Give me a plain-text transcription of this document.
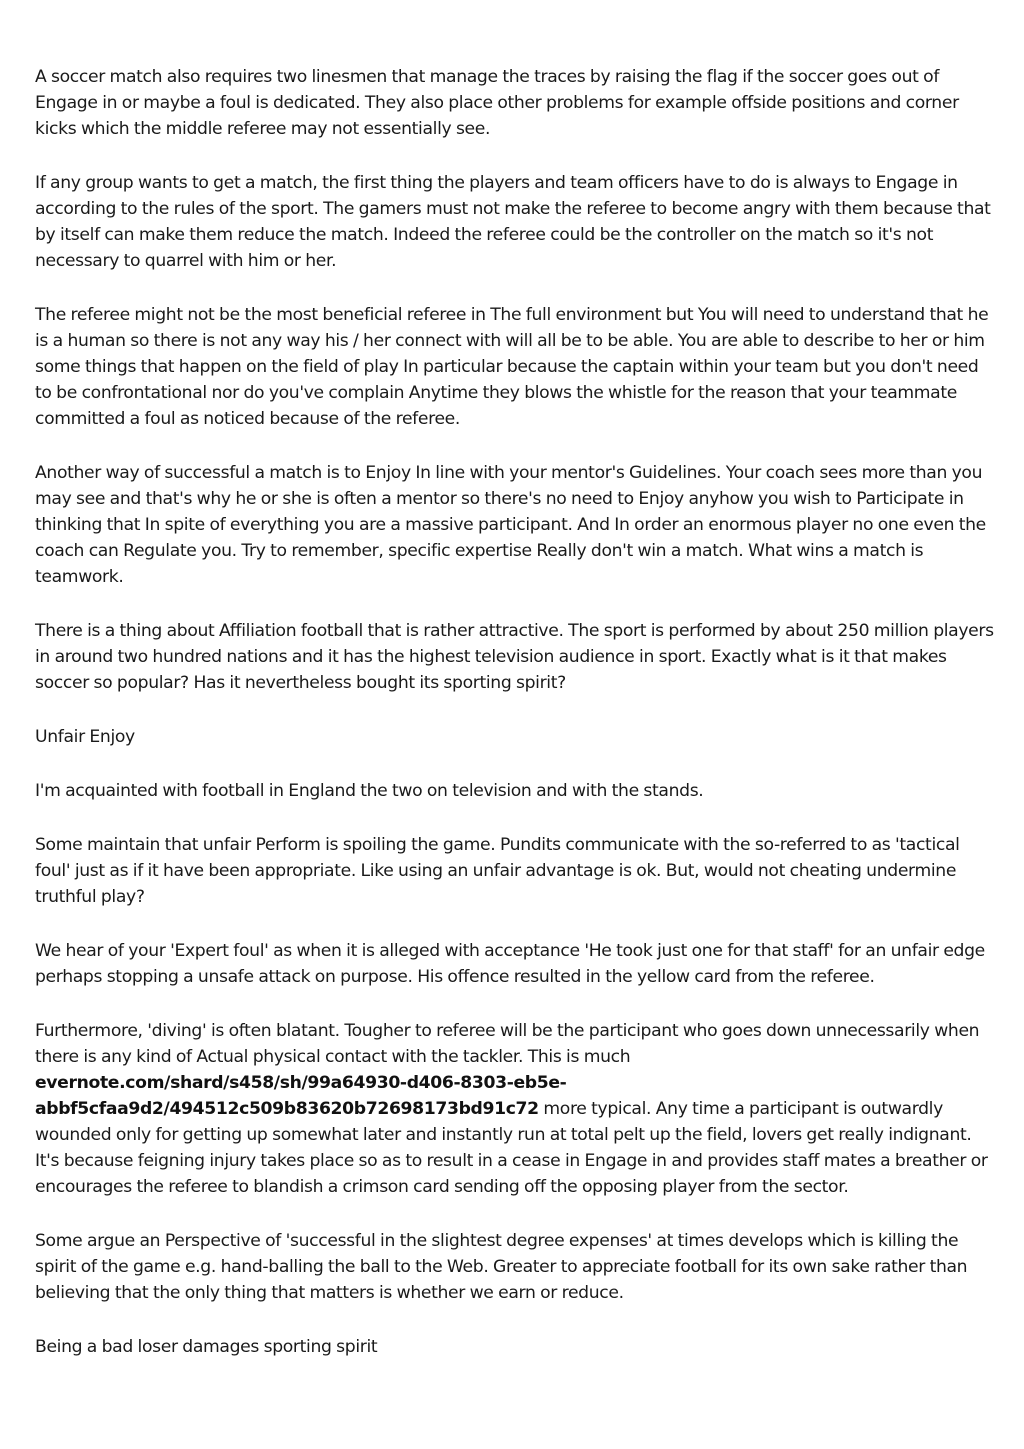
A soccer match also requires two linesmen that manage the traces by raising the flag if the soccer goes out of Engage in or maybe a foul is dedicated. They also place other problems for example offside positions and corner kicks which the middle referee may not essentially see.

If any group wants to get a match, the first thing the players and team officers have to do is always to Engage in according to the rules of the sport. The gamers must not make the referee to become angry with them because that by itself can make them reduce the match. Indeed the referee could be the controller on the match so it's not necessary to quarrel with him or her.

The referee might not be the most beneficial referee in The full environment but You will need to understand that he is a human so there is not any way his / her connect with will all be to be able. You are able to describe to her or him some things that happen on the field of play In particular because the captain within your team but you don't need to be confrontational nor do you've complain Anytime they blows the whistle for the reason that your teammate committed a foul as noticed because of the referee.

Another way of successful a match is to Enjoy In line with your mentor's Guidelines. Your coach sees more than you may see and that's why he or she is often a mentor so there's no need to Enjoy anyhow you wish to Participate in thinking that In spite of everything you are a massive participant. And In order an enormous player no one even the coach can Regulate you. Try to remember, specific expertise Really don't win a match. What wins a match is teamwork.

There is a thing about Affiliation football that is rather attractive. The sport is performed by about 250 million players in around two hundred nations and it has the highest television audience in sport. Exactly what is it that makes soccer so popular? Has it nevertheless bought its sporting spirit?

Unfair Enjoy

I'm acquainted with football in England the two on television and with the stands.

Some maintain that unfair Perform is spoiling the game. Pundits communicate with the so-referred to as 'tactical foul' just as if it have been appropriate. Like using an unfair advantage is ok. But, would not cheating undermine truthful play?

We hear of your 'Expert foul' as when it is alleged with acceptance 'He took just one for that staff' for an unfair edge perhaps stopping a unsafe attack on purpose. His offence resulted in the yellow card from the referee.

Furthermore, 'diving' is often blatant. Tougher to referee will be the participant who goes down unnecessarily when there is any kind of Actual physical contact with the tackler. This is much
evernote.com/shard/s458/sh/99a64930-d406-8303-eb5e-
abbf5cfaa9d2/494512c509b83620b72698173bd91c72 more typical. Any time a participant is outwardly wounded only for getting up somewhat later and instantly run at total pelt up the field, lovers get really indignant. It's because feigning injury takes place so as to result in a cease in Engage in and provides staff mates a breather or encourages the referee to blandish a crimson card sending off the opposing player from the sector.

Some argue an Perspective of 'successful in the slightest degree expenses' at times develops which is killing the spirit of the game e.g. hand-balling the ball to the Web. Greater to appreciate football for its own sake rather than believing that the only thing that matters is whether we earn or reduce.

Being a bad loser damages sporting spirit
